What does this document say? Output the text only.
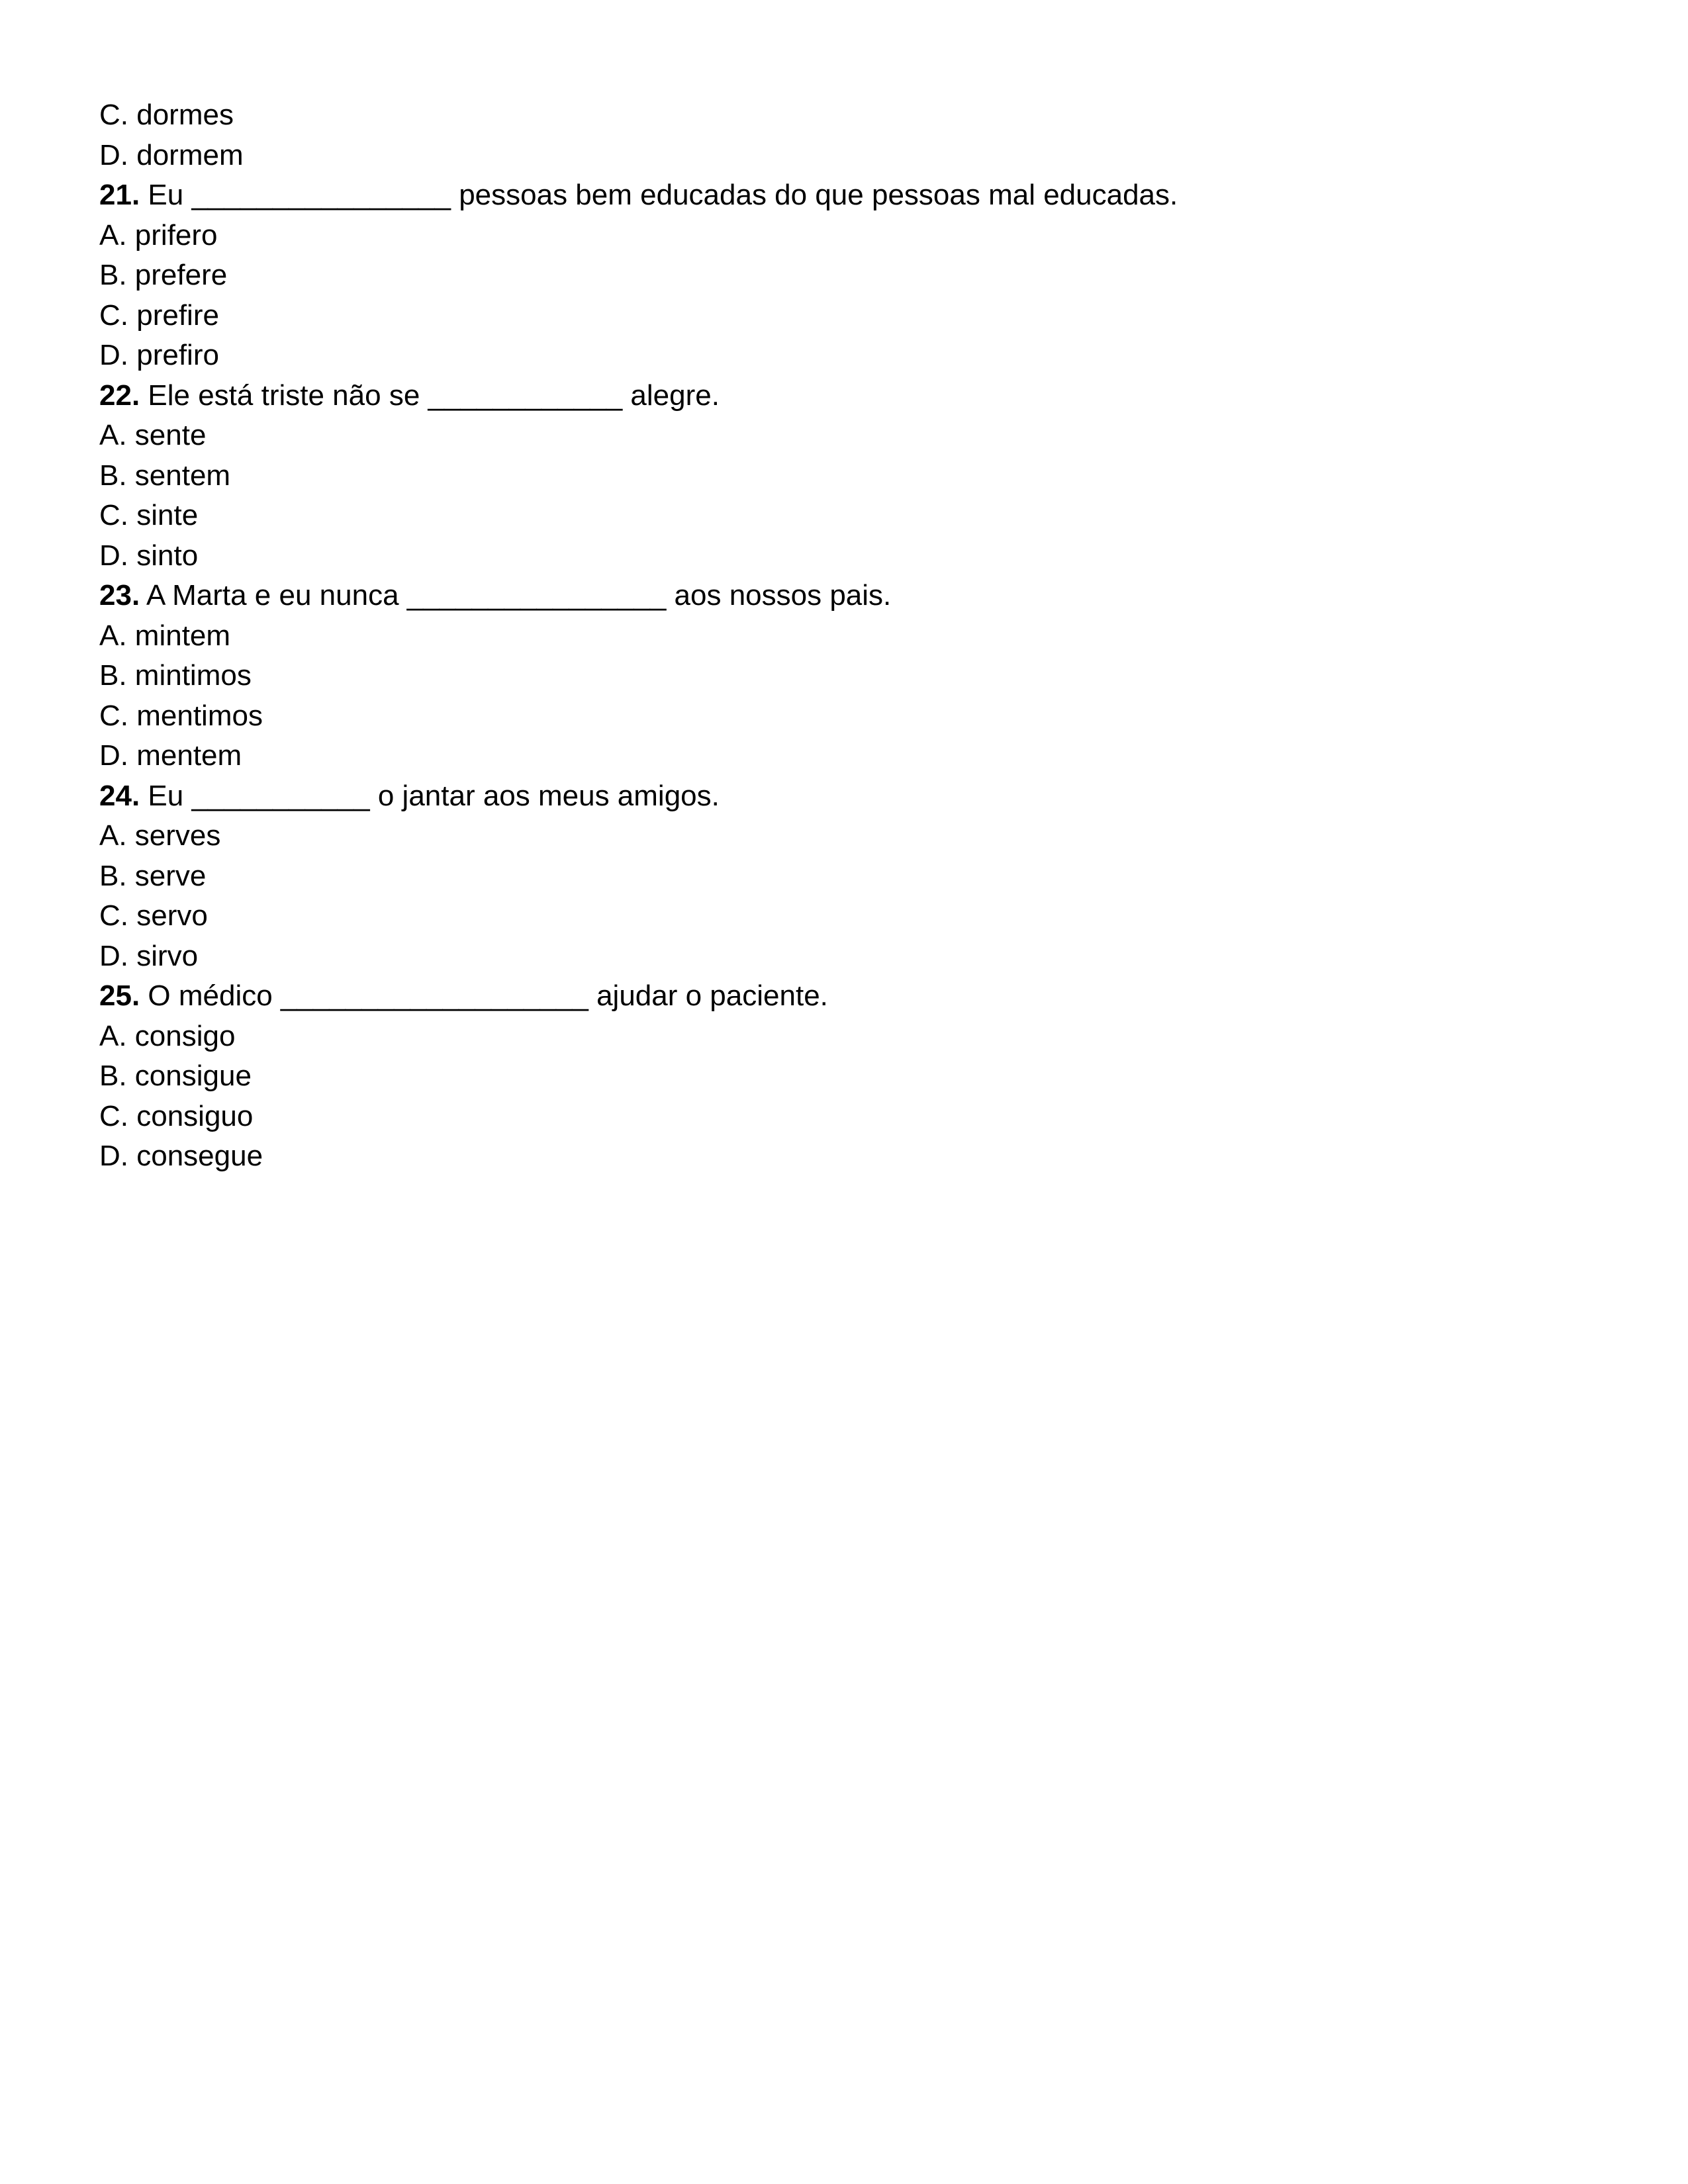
C. dormes
D. dormem
21. Eu ________________ pessoas bem educadas do que pessoas mal educadas.
A. prifero
B. prefere
C. prefire
D. prefiro
22. Ele está triste não se ____________ alegre.
A. sente
B. sentem
C. sinte
D. sinto
23. A Marta e eu nunca ________________ aos nossos pais.
A. mintem
B. mintimos
C. mentimos
D. mentem
24. Eu ___________ o jantar aos meus amigos.
A. serves
B. serve
C. servo
D. sirvo
25. O médico ___________________ ajudar o paciente.
A. consigo
B. consigue
C. consiguo
D. consegue
